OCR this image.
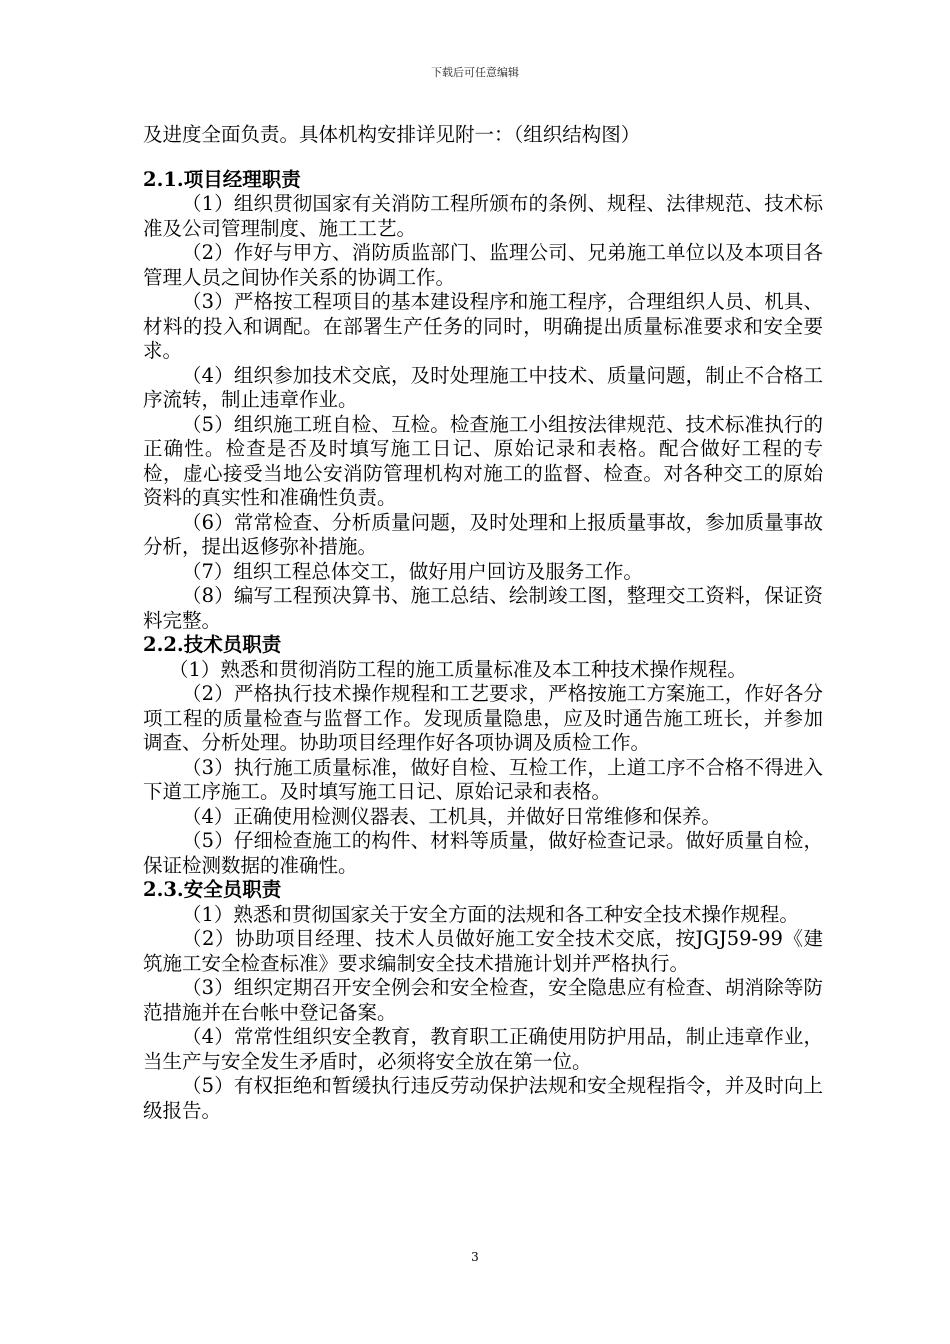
下载后可任意编辑

及进度全面负责。具体机构安排详见附一：（组织结构图）

2.1.项目经理职责

（1）组织贯彻国家有关消防工程所颁布的条例、规程、法律规范、技术标准及公司管理制度、施工工艺。

（2）作好与甲方、消防质监部门、监理公司、兄弟施工单位以及本项目各管理人员之间协作关系的协调工作。

（3）严格按工程项目的基本建设程序和施工程序，合理组织人员、机具、材料的投入和调配。在部署生产任务的同时，明确提出质量标准要求和安全要求。

（4）组织参加技术交底，及时处理施工中技术、质量问题，制止不合格工序流转，制止违章作业。

（5）组织施工班自检、互检。检查施工小组按法律规范、技术标准执行的正确性。检查是否及时填写施工日记、原始记录和表格。配合做好工程的专检，虚心接受当地公安消防管理机构对施工的监督、检查。对各种交工的原始资料的真实性和准确性负责。

（6）常常检查、分析质量问题，及时处理和上报质量事故，参加质量事故分析，提出返修弥补措施。

（7）组织工程总体交工，做好用户回访及服务工作。

（8）编写工程预决算书、施工总结、绘制竣工图，整理交工资料，保证资料完整。

2.2.技术员职责

（1）熟悉和贯彻消防工程的施工质量标准及本工种技术操作规程。

（2）严格执行技术操作规程和工艺要求，严格按施工方案施工，作好各分项工程的质量检查与监督工作。发现质量隐患，应及时通告施工班长，并参加调查、分析处理。协助项目经理作好各项协调及质检工作。

（3）执行施工质量标准，做好自检、互检工作，上道工序不合格不得进入下道工序施工。及时填写施工日记、原始记录和表格。

（4）正确使用检测仪器表、工机具，并做好日常维修和保养。

（5）仔细检查施工的构件、材料等质量，做好检查记录。做好质量自检，保证检测数据的准确性。

2.3.安全员职责

（1）熟悉和贯彻国家关于安全方面的法规和各工种安全技术操作规程。

（2）协助项目经理、技术人员做好施工安全技术交底，按JGJ59-99《建筑施工安全检查标准》要求编制安全技术措施计划并严格执行。

（3）组织定期召开安全例会和安全检查，安全隐患应有检查、胡消除等防范措施并在台帐中登记备案。

（4）常常性组织安全教育，教育职工正确使用防护用品，制止违章作业，当生产与安全发生矛盾时，必须将安全放在第一位。

（5）有权拒绝和暂缓执行违反劳动保护法规和安全规程指令，并及时向上级报告。

3
